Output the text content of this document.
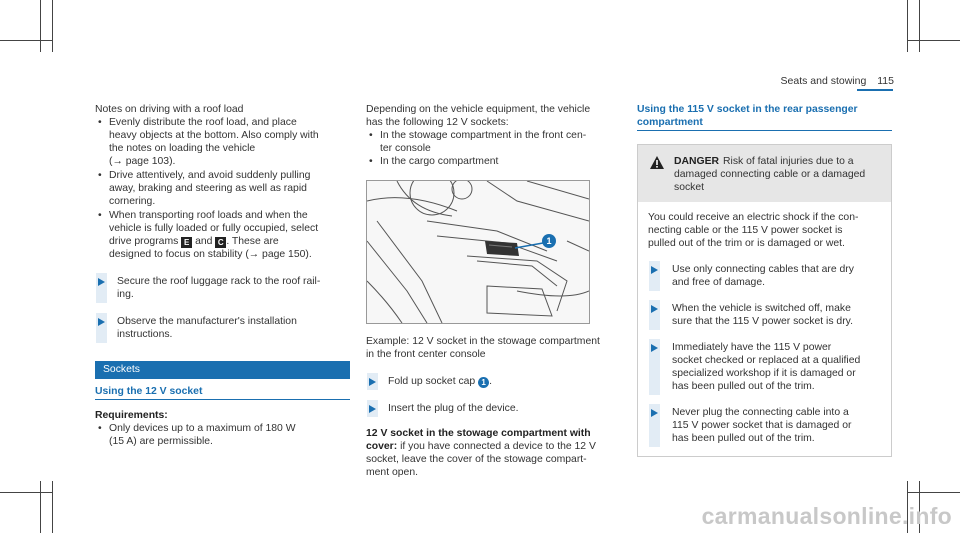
Seats and stowing 115

Notes on driving with a roof load

• Evenly distribute the roof load, and place
heavy objects at the bottom. Also comply with
the notes on loading the vehicle
(→ page 103).
• Drive attentively, and avoid suddenly pulling
away, braking and steering as well as rapid
cornering.
• When transporting roof loads and when the
vehicle is fully loaded or fully occupied, select
drive programs E and C . These are
designed to focus on stability (→ page 150).
Secure the roof luggage rack to the roof rail-
ing.
Observe the manufacturer's installation
instructions.
Sockets
Using the 12 V socket

Requirements:

• Only devices up to a maximum of 180 W
(15 A) are permissible.

Depending on the vehicle equipment, the vehicle

has the following 12 V sockets:

• In the stowage compartment in the front cen-
ter console
• In the cargo compartment
1

Example: 12 V socket in the stowage compartment

in the front center console

Fold up socket cap 1 .
Insert the plug of the device.
12 V socket in the stowage compartment with
cover: if you have connected a device to the 12 V
socket, leave the cover of the stowage compart-
ment open.
Using the 115 V socket in the rear passenger
compartment
DANGER Risk of fatal injuries due to a
damaged connecting cable or a damaged
socket
You could receive an electric shock if the con-
necting cable or the 115 V power socket is
pulled out of the trim or is damaged or wet.
Use only connecting cables that are dry
and free of damage.
When the vehicle is switched off, make
sure that the 115 V power socket is dry.
Immediately have the 115 V power
socket checked or replaced at a qualified
specialized workshop if it is damaged or
has been pulled out of the trim.
Never plug the connecting cable into a
115 V power socket that is damaged or
has been pulled out of the trim.
carmanualsonline.info
